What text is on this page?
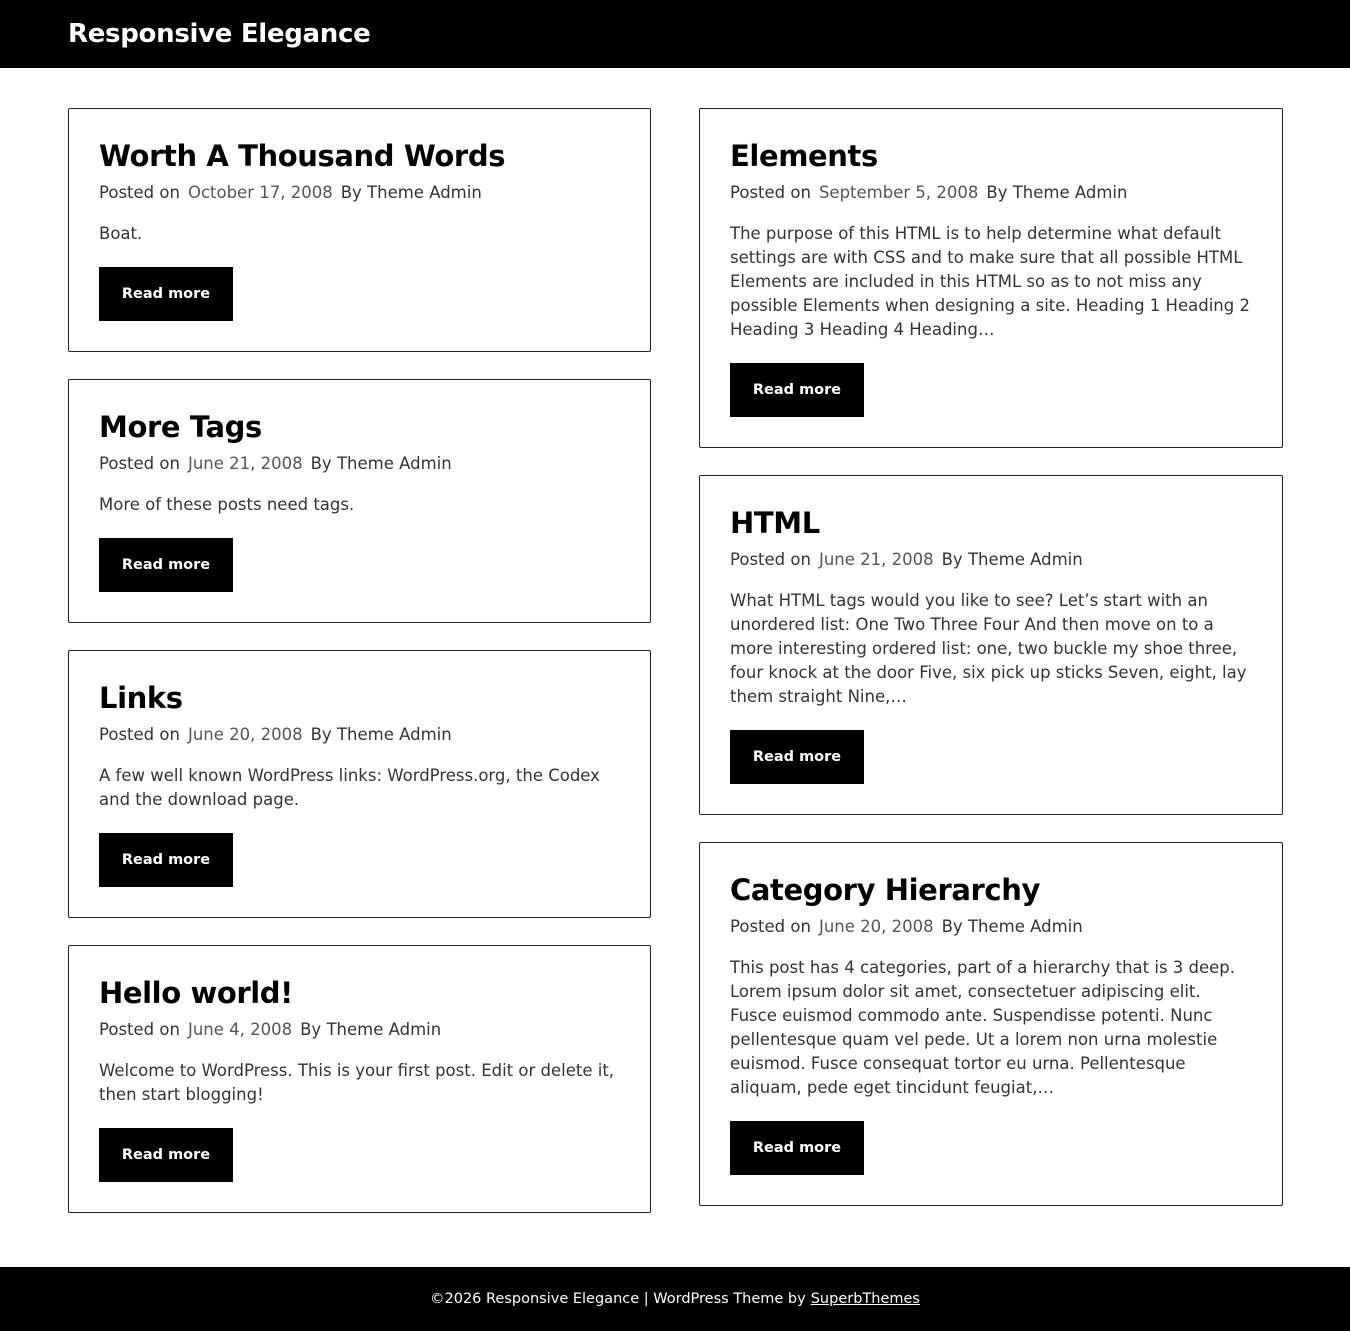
Responsive Elegance
Worth A Thousand Words
Posted on October 17, 2008 By Theme Admin

Boat.

Read more
More Tags
Posted on June 21, 2008 By Theme Admin

More of these posts need tags.

Read more
Links
Posted on June 20, 2008 By Theme Admin

A few well known WordPress links: WordPress.org, the Codex and the download page.

Read more
Hello world!
Posted on June 4, 2008 By Theme Admin

Welcome to WordPress. This is your first post. Edit or delete it, then start blogging!

Read more
Elements
Posted on September 5, 2008 By Theme Admin

The purpose of this HTML is to help determine what default settings are with CSS and to make sure that all possible HTML Elements are included in this HTML so as to not miss any possible Elements when designing a site. Heading 1 Heading 2 Heading 3 Heading 4 Heading…

Read more
HTML
Posted on June 21, 2008 By Theme Admin

What HTML tags would you like to see? Let’s start with an unordered list: One Two Three Four And then move on to a more interesting ordered list: one, two buckle my shoe three, four knock at the door Five, six pick up sticks Seven, eight, lay them straight Nine,…

Read more
Category Hierarchy
Posted on June 20, 2008 By Theme Admin

This post has 4 categories, part of a hierarchy that is 3 deep. Lorem ipsum dolor sit amet, consectetuer adipiscing elit. Fusce euismod commodo ante. Suspendisse potenti. Nunc pellentesque quam vel pede. Ut a lorem non urna molestie euismod. Fusce consequat tortor eu urna. Pellentesque aliquam, pede eget tincidunt feugiat,…

Read more
©2026 Responsive Elegance | WordPress Theme by SuperbThemes
